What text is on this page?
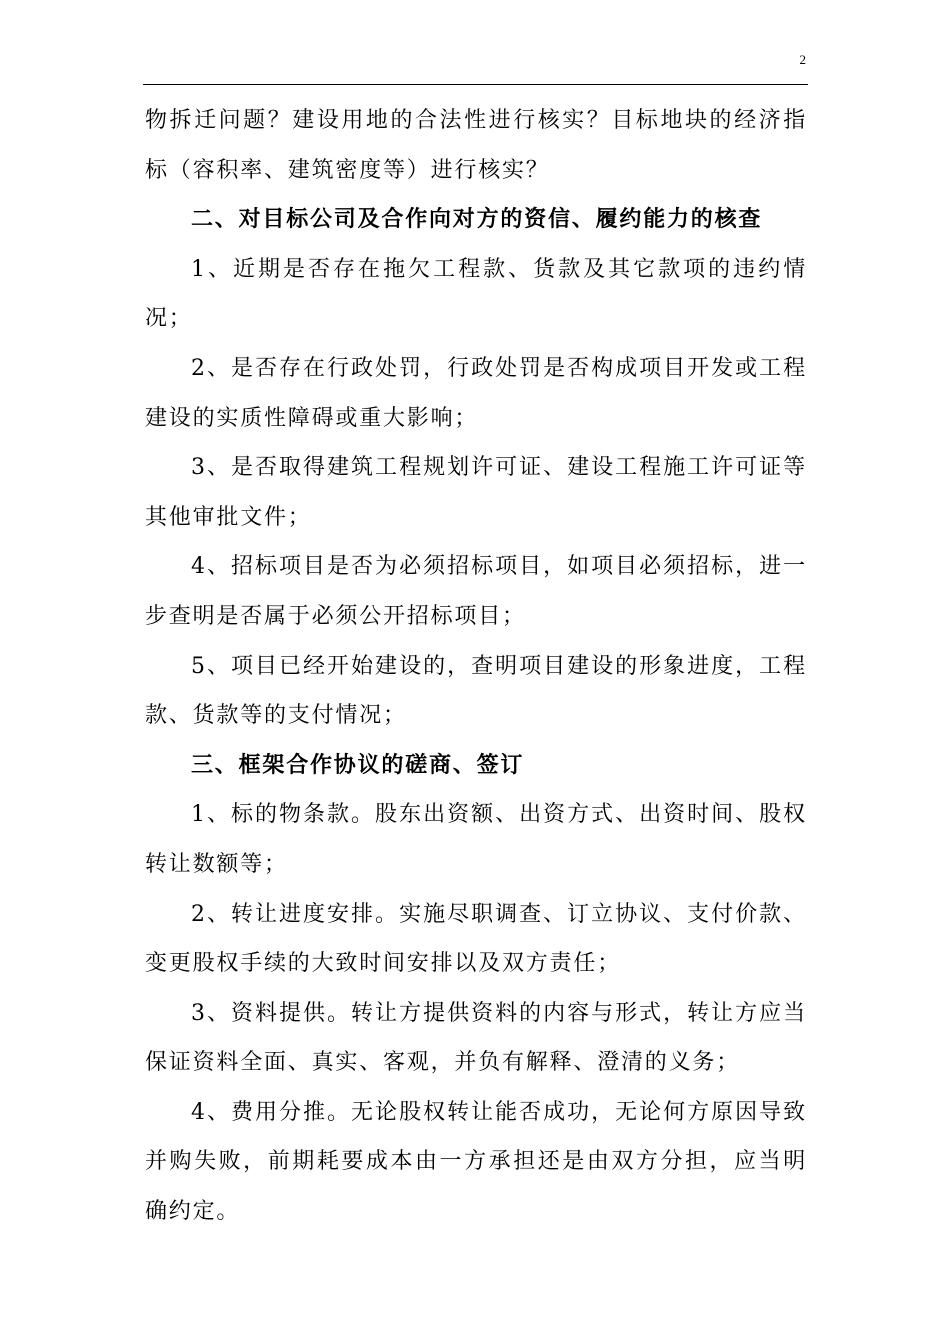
2

物拆迁问题？建设用地的合法性进行核实？目标地块的经济指标（容积率、建筑密度等）进行核实？

二、对目标公司及合作向对方的资信、履约能力的核查

1、近期是否存在拖欠工程款、货款及其它款项的违约情况；

2、是否存在行政处罚，行政处罚是否构成项目开发或工程建设的实质性障碍或重大影响；

3、是否取得建筑工程规划许可证、建设工程施工许可证等其他审批文件；

4、招标项目是否为必须招标项目，如项目必须招标，进一步查明是否属于必须公开招标项目；

5、项目已经开始建设的，查明项目建设的形象进度，工程款、货款等的支付情况；

三、框架合作协议的磋商、签订

1、标的物条款。股东出资额、出资方式、出资时间、股权转让数额等；

2、转让进度安排。实施尽职调查、订立协议、支付价款、变更股权手续的大致时间安排以及双方责任；

3、资料提供。转让方提供资料的内容与形式，转让方应当保证资料全面、真实、客观，并负有解释、澄清的义务；

4、费用分推。无论股权转让能否成功，无论何方原因导致并购失败，前期耗要成本由一方承担还是由双方分担，应当明确约定。
